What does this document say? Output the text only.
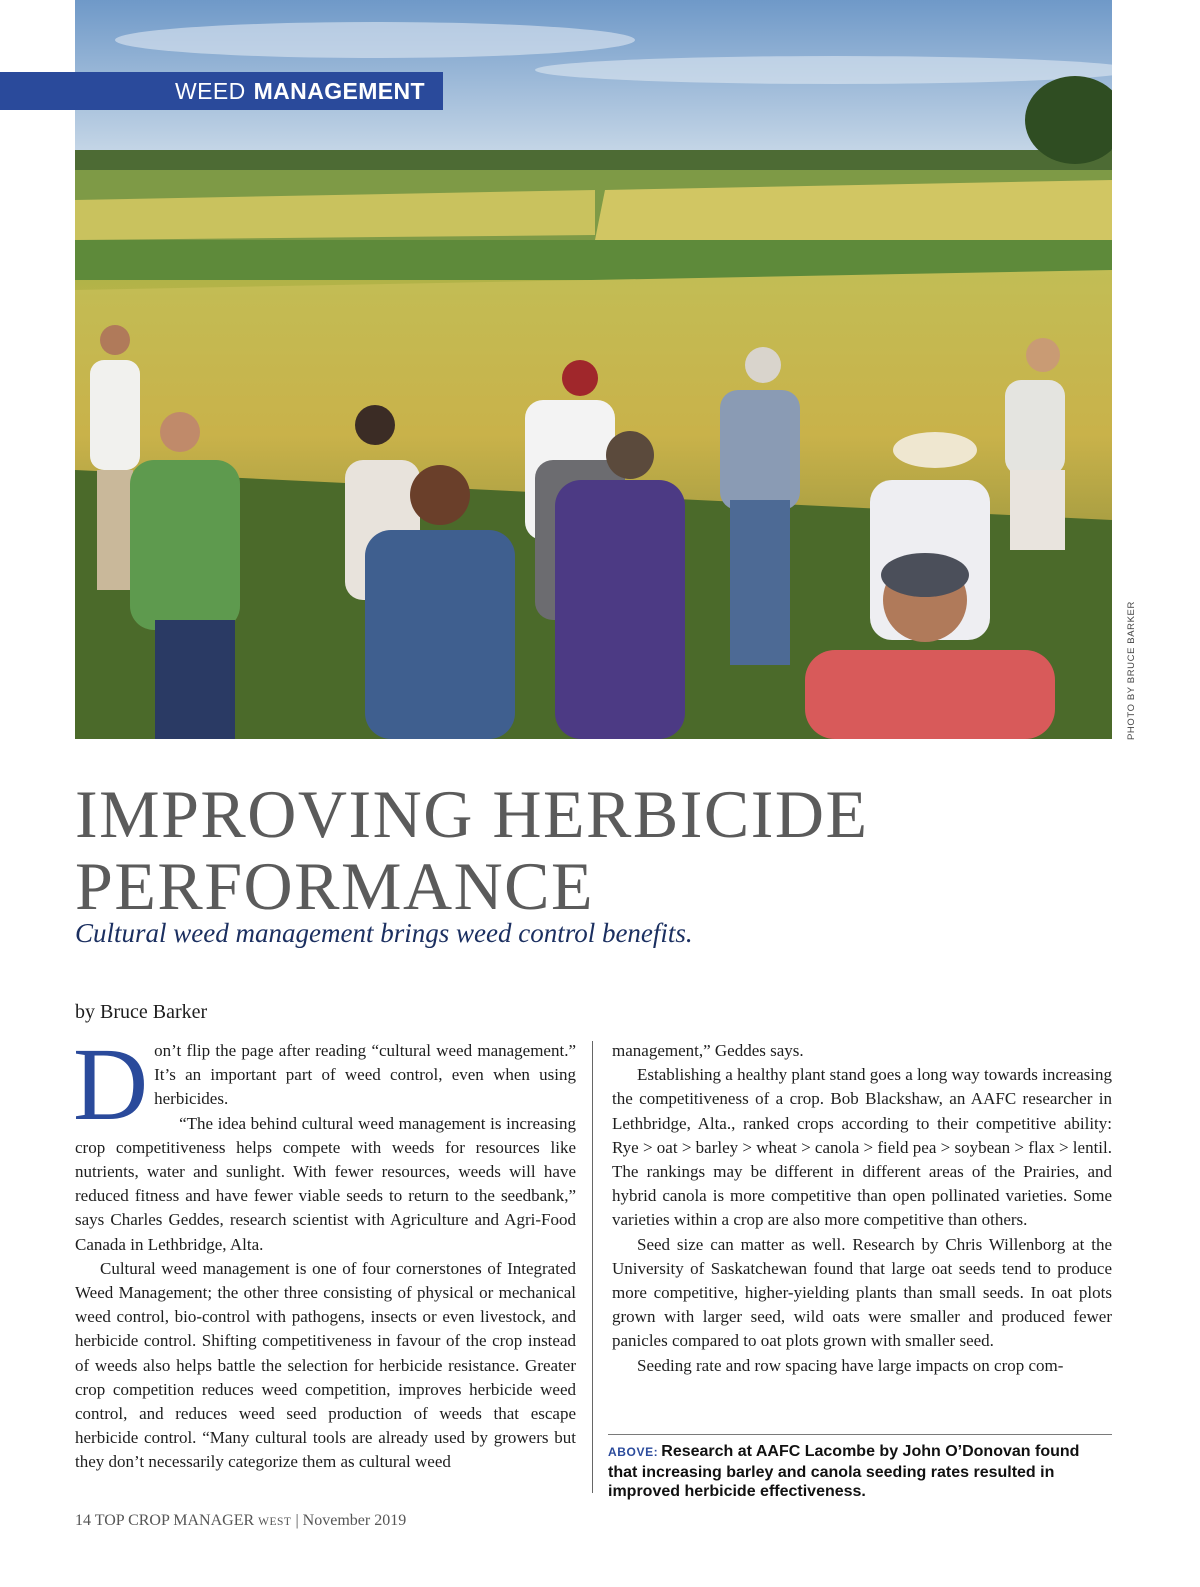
PHOTO BY BRUCE BARKER
WEED MANAGEMENT
IMPROVING HERBICIDE
PERFORMANCE
Cultural weed management brings weed control benefits.
by Bruce Barker

Don’t flip the page after reading “cultural weed management.” It’s an important part of weed control, even when using herbicides.

“The idea behind cultural weed management is increasing crop competitiveness helps compete with weeds for resources like nutrients, water and sunlight. With fewer resources, weeds will have reduced fitness and have fewer viable seeds to return to the seedbank,” says Charles Geddes, research scientist with Agriculture and Agri-Food Canada in Lethbridge, Alta.

Cultural weed management is one of four cornerstones of Integrated Weed Management; the other three consisting of physical or mechanical weed control, bio-control with pathogens, insects or even livestock, and herbicide control. Shifting competitiveness in favour of the crop instead of weeds also helps battle the selection for herbicide resistance. Greater crop competition reduces weed competition, improves herbicide weed control, and reduces weed seed production of weeds that escape herbicide control. “Many cultural tools are already used by growers but they don’t necessarily categorize them as cultural weed

management,” Geddes says.

Establishing a healthy plant stand goes a long way towards increasing the competitiveness of a crop. Bob Blackshaw, an AAFC researcher in Lethbridge, Alta., ranked crops according to their competitive ability: Rye > oat > barley > wheat > canola > field pea > soybean > flax > lentil. The rankings may be different in different areas of the Prairies, and hybrid canola is more competitive than open pollinated varieties. Some varieties within a crop are also more competitive than others.

Seed size can matter as well. Research by Chris Willenborg at the University of Saskatchewan found that large oat seeds tend to produce more competitive, higher-yielding plants than small seeds. In oat plots grown with larger seed, wild oats were smaller and produced fewer panicles compared to oat plots grown with smaller seed.

Seeding rate and row spacing have large impacts on crop com-

ABOVE: Research at AAFC Lacombe by John O’Donovan found that increasing barley and canola seeding rates resulted in improved herbicide effectiveness.
14 TOP CROP MANAGER WEST | November 2019
